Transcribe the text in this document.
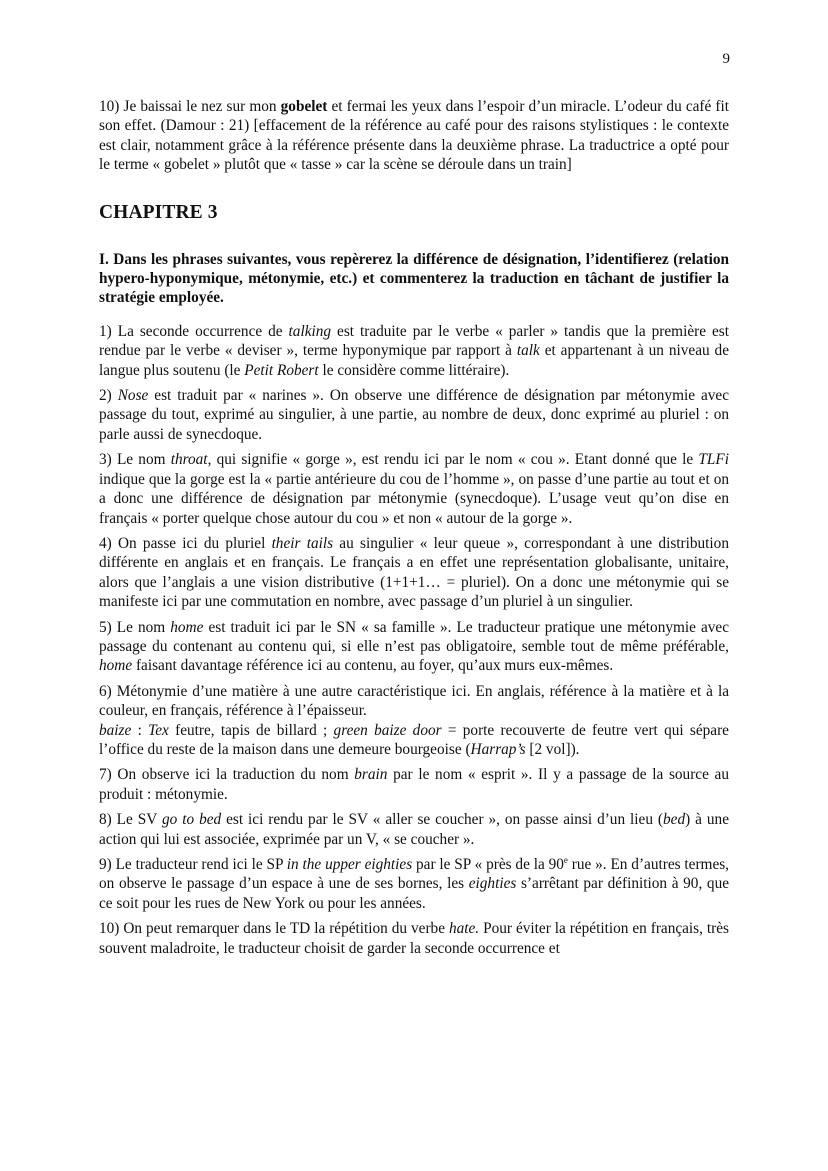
9

10) Je baissai le nez sur mon gobelet et fermai les yeux dans l’espoir d’un miracle. L’odeur du café fit son effet. (Damour : 21) [effacement de la référence au café pour des raisons stylistiques : le contexte est clair, notamment grâce à la référence présente dans la deuxième phrase. La traductrice a opté pour le terme « gobelet » plutôt que « tasse » car la scène se déroule dans un train]

CHAPITRE 3

I. Dans les phrases suivantes, vous repèrerez la différence de désignation, l’identifierez (relation hypero-hyponymique, métonymie, etc.) et commenterez la traduction en tâchant de justifier la stratégie employée.

1) La seconde occurrence de talking est traduite par le verbe « parler » tandis que la première est rendue par le verbe « deviser », terme hyponymique par rapport à talk et appartenant à un niveau de langue plus soutenu (le Petit Robert le considère comme littéraire).

2) Nose est traduit par « narines ». On observe une différence de désignation par métonymie avec passage du tout, exprimé au singulier, à une partie, au nombre de deux, donc exprimé au pluriel : on parle aussi de synecdoque.

3) Le nom throat, qui signifie « gorge », est rendu ici par le nom « cou ». Etant donné que le TLFi indique que la gorge est la « partie antérieure du cou de l’homme », on passe d’une partie au tout et on a donc une différence de désignation par métonymie (synecdoque). L’usage veut qu’on dise en français « porter quelque chose autour du cou » et non « autour de la gorge ».

4) On passe ici du pluriel their tails au singulier « leur queue », correspondant à une distribution différente en anglais et en français. Le français a en effet une représentation globalisante, unitaire, alors que l’anglais a une vision distributive (1+1+1… = pluriel). On a donc une métonymie qui se manifeste ici par une commutation en nombre, avec passage d’un pluriel à un singulier.

5) Le nom home est traduit ici par le SN « sa famille ». Le traducteur pratique une métonymie avec passage du contenant au contenu qui, si elle n’est pas obligatoire, semble tout de même préférable, home faisant davantage référence ici au contenu, au foyer, qu’aux murs eux-mêmes.

6) Métonymie d’une matière à une autre caractéristique ici. En anglais, référence à la matière et à la couleur, en français, référence à l’épaisseur.
baize : Tex feutre, tapis de billard ; green baize door = porte recouverte de feutre vert qui sépare l’office du reste de la maison dans une demeure bourgeoise (Harrap’s [2 vol]).

7) On observe ici la traduction du nom brain par le nom « esprit ». Il y a passage de la source au produit : métonymie.

8) Le SV go to bed est ici rendu par le SV « aller se coucher », on passe ainsi d’un lieu (bed) à une action qui lui est associée, exprimée par un V, « se coucher ».

9) Le traducteur rend ici le SP in the upper eighties par le SP « près de la 90e rue ». En d’autres termes, on observe le passage d’un espace à une de ses bornes, les eighties s’arrêtant par définition à 90, que ce soit pour les rues de New York ou pour les années.

10) On peut remarquer dans le TD la répétition du verbe hate. Pour éviter la répétition en français, très souvent maladroite, le traducteur choisit de garder la seconde occurrence et
